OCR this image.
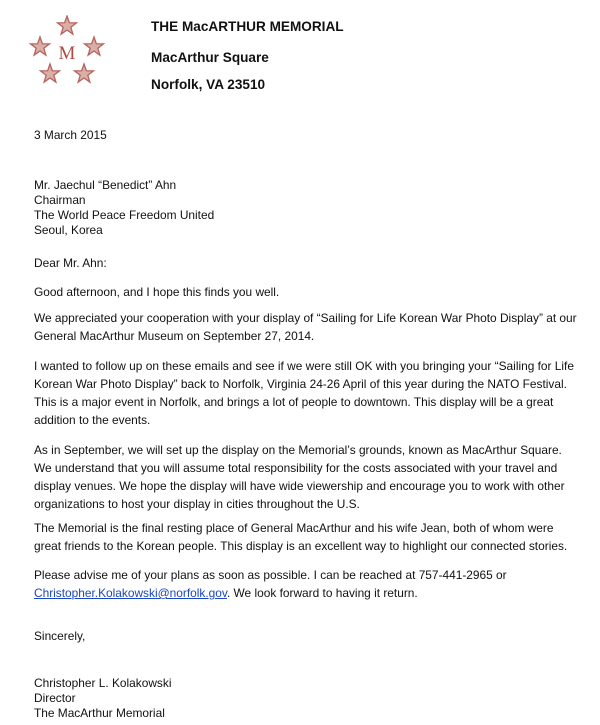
M
THE MacARTHUR MEMORIAL
MacArthur Square
Norfolk, VA 23510
3 March 2015
Mr. Jaechul “Benedict” Ahn
Chairman
The World Peace Freedom United
Seoul, Korea
Dear Mr. Ahn:

Good afternoon, and I hope this finds you well.

We appreciated your cooperation with your display of “Sailing for Life Korean War Photo Display” at our General MacArthur Museum on September 27, 2014.

I wanted to follow up on these emails and see if we were still OK with you bringing your “Sailing for Life Korean War Photo Display” back to Norfolk, Virginia 24-26 April of this year during the NATO Festival. This is a major event in Norfolk, and brings a lot of people to downtown. This display will be a great addition to the events.

As in September, we will set up the display on the Memorial’s grounds, known as MacArthur Square. We understand that you will assume total responsibility for the costs associated with your travel and display venues. We hope the display will have wide viewership and encourage you to work with other organizations to host your display in cities throughout the U.S.

The Memorial is the final resting place of General MacArthur and his wife Jean, both of whom were great friends to the Korean people. This display is an excellent way to highlight our connected stories.

Please advise me of your plans as soon as possible. I can be reached at 757-441-2965 or
Christopher.Kolakowski@norfolk.gov. We look forward to having it return.

Sincerely,
Christopher L. Kolakowski
Director
The MacArthur Memorial
